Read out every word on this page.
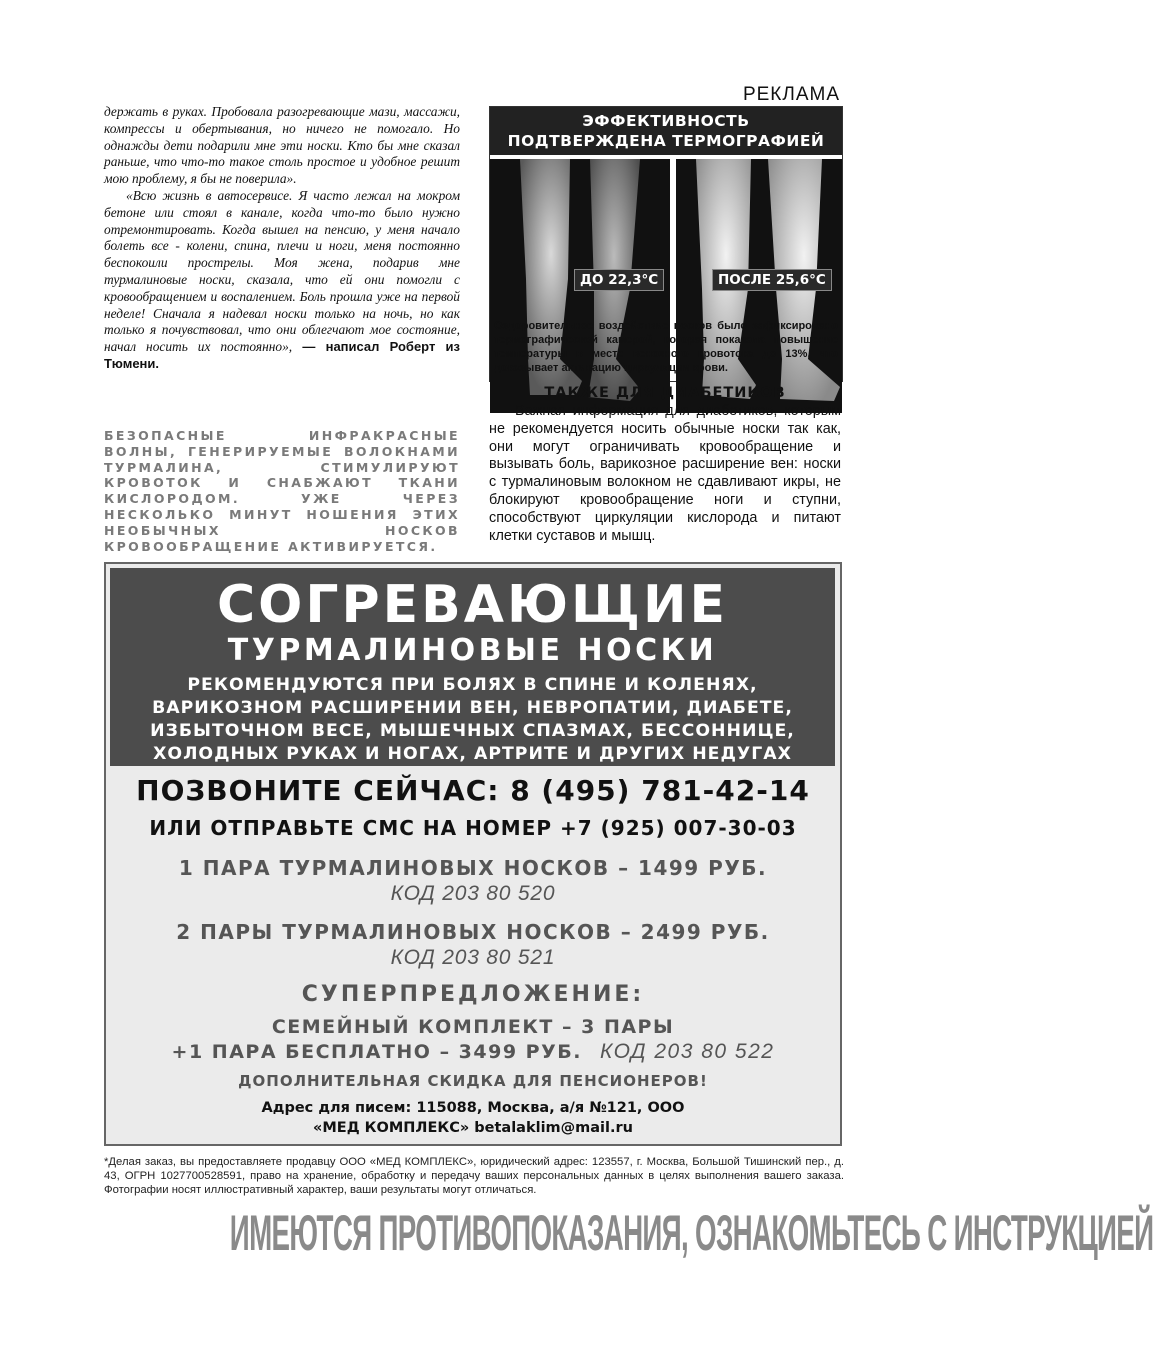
держать в руках. Пробовала разогревающие мази, массажи, компрессы и обертывания, но ничего не помогало. Но однажды дети подарили мне эти носки. Кто бы мне сказал раньше, что что-то такое столь простое и удобное решит мою проблему, я бы не поверила».

«Всю жизнь в автосервисе. Я часто лежал на мокром бетоне или стоял в канале, когда что-то было нужно отремонтировать. Когда вышел на пенсию, у меня начало болеть все - колени, спина, плечи и ноги, меня постоянно беспокоили прострелы. Моя жена, подарив мне турмалиновые носки, сказала, что ей они помогли с кровообращением и воспалением. Боль прошла уже на первой неделе! Сначала я надевал носки только на ночь, но как только я почувствовал, что они облегчают мое состояние, начал носить их постоянно», — написал Роберт из Тюмени.

БЕЗОПАСНЫЕ ИНФРАКРАСНЫЕ ВОЛНЫ, ГЕНЕРИРУЕМЫЕ ВОЛОКНАМИ ТУРМАЛИНА, СТИМУЛИРУЮТ КРОВОТОК И СНАБЖАЮТ ТКАНИ КИСЛОРОДОМ. УЖЕ ЧЕРЕЗ НЕСКОЛЬКО МИНУТ НОШЕНИЯ ЭТИХ НЕОБЫЧНЫХ НОСКОВ КРОВООБРАЩЕНИЕ АКТИВИРУЕТСЯ.
РЕКЛАМА
ЭФФЕКТИВНОСТЬ
ПОДТВЕРЖДЕНА ТЕРМОГРАФИЕЙ
ДО 22,3°С	ПОСЛЕ 25,6°С
Оздоровительное воздействие носков было зафиксировано термографической камерой, которая показала повышение температуры в месте венозного кровотока до 13%, что доказывает активацию циркуляции крови.
ТАКЖЕ ДЛЯ ДИАБЕТИКОВ

Важная информация для диабетиков, которым не рекомендуется носить обычные носки так как, они могут ограничивать кровообращение и вызывать боль, варикозное расширение вен: носки с турмалиновым волокном не сдавливают икры, не блокируют кровообращение ноги и ступни, способствуют циркуляции кислорода и питают клетки суставов и мышц.

СОГРЕВАЮЩИЕ
ТУРМАЛИНОВЫЕ НОСКИ
РЕКОМЕНДУЮТСЯ ПРИ БОЛЯХ В СПИНЕ И КОЛЕНЯХ,
ВАРИКОЗНОМ РАСШИРЕНИИ ВЕН, НЕВРОПАТИИ, ДИАБЕТЕ,
ИЗБЫТОЧНОМ ВЕСЕ, МЫШЕЧНЫХ СПАЗМАХ, БЕССОННИЦЕ,
ХОЛОДНЫХ РУКАХ И НОГАХ, АРТРИТЕ И ДРУГИХ НЕДУГАХ
ПОЗВОНИТЕ СЕЙЧАС: 8 (495) 781-42-14
ИЛИ ОТПРАВЬТЕ СМС НА НОМЕР +7 (925) 007-30-03
1 ПАРА ТУРМАЛИНОВЫХ НОСКОВ – 1499 РУБ.
КОД 203 80 520
2 ПАРЫ ТУРМАЛИНОВЫХ НОСКОВ – 2499 РУБ.
КОД 203 80 521
СУПЕРПРЕДЛОЖЕНИЕ:
СЕМЕЙНЫЙ КОМПЛЕКТ – 3 ПАРЫ
+1 ПАРА БЕСПЛАТНО – 3499 РУБ. КОД 203 80 522
ДОПОЛНИТЕЛЬНАЯ СКИДКА ДЛЯ ПЕНСИОНЕРОВ!
Адрес для писем: 115088, Москва, а/я №121, ООО
«МЕД КОМПЛЕКС» betalaklim@mail.ru
*Делая заказ, вы предоставляете продавцу ООО «МЕД КОМПЛЕКС», юридический адрес: 123557, г. Москва, Большой Тишинский пер., д. 43, ОГРН 1027700528591, право на хранение, обработку и передачу ваших персональных данных в целях выполнения вашего заказа. Фотографии носят иллюстративный характер, ваши результаты могут отличаться.
ИМЕЮТСЯ ПРОТИВОПОКАЗАНИЯ, ОЗНАКОМЬТЕСЬ С ИНСТРУКЦИЕЙ
